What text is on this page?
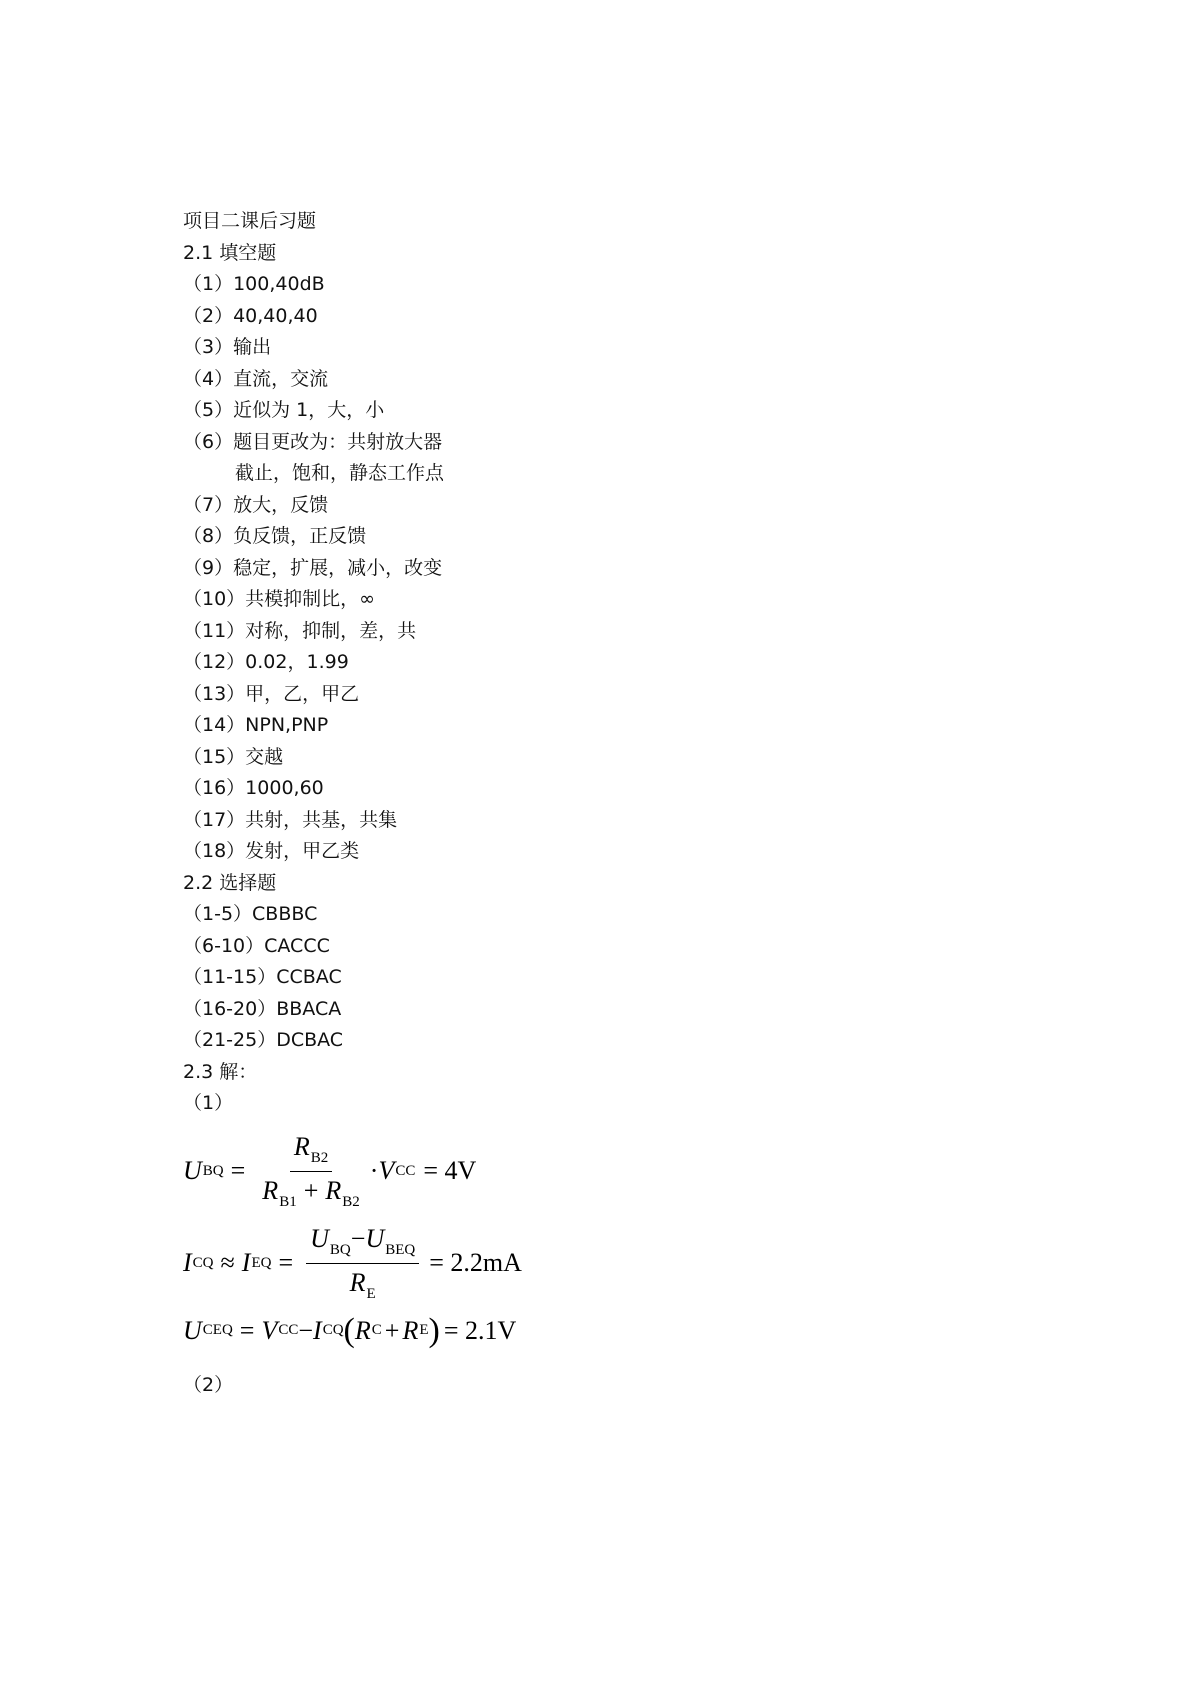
项目二课后习题
2.1 填空题
（1）100,40dB
（2）40,40,40
（3）输出
（4）直流，交流
（5）近似为 1，大，小
（6）题目更改为：共射放大器
截止，饱和，静态工作点
（7）放大，反馈
（8）负反馈，正反馈
（9）稳定，扩展，减小，改变
（10）共模抑制比，∞
（11）对称，抑制，差，共
（12）0.02，1.99
（13）甲，乙，甲乙
（14）NPN,PNP
（15）交越
（16）1000,60
（17）共射，共基，共集
（18）发射，甲乙类
2.2 选择题
（1-5）CBBBC
（6-10）CACCC
（11-15）CCBAC
（16-20）BBACA
（21-25）DCBAC
2.3 解：
（1）
U BQ = $\frac{R_{B2}}{R_{B1} + R_{B2}} \cdot V$ CC = 4V
I CQ ≈ I EQ = $\frac{U_{BQ}-U_{BEQ}}{R_E} = 2.2mA$
U CEQ = V CC − I CQ ( R C + R E ) = 2.1V
（2）
